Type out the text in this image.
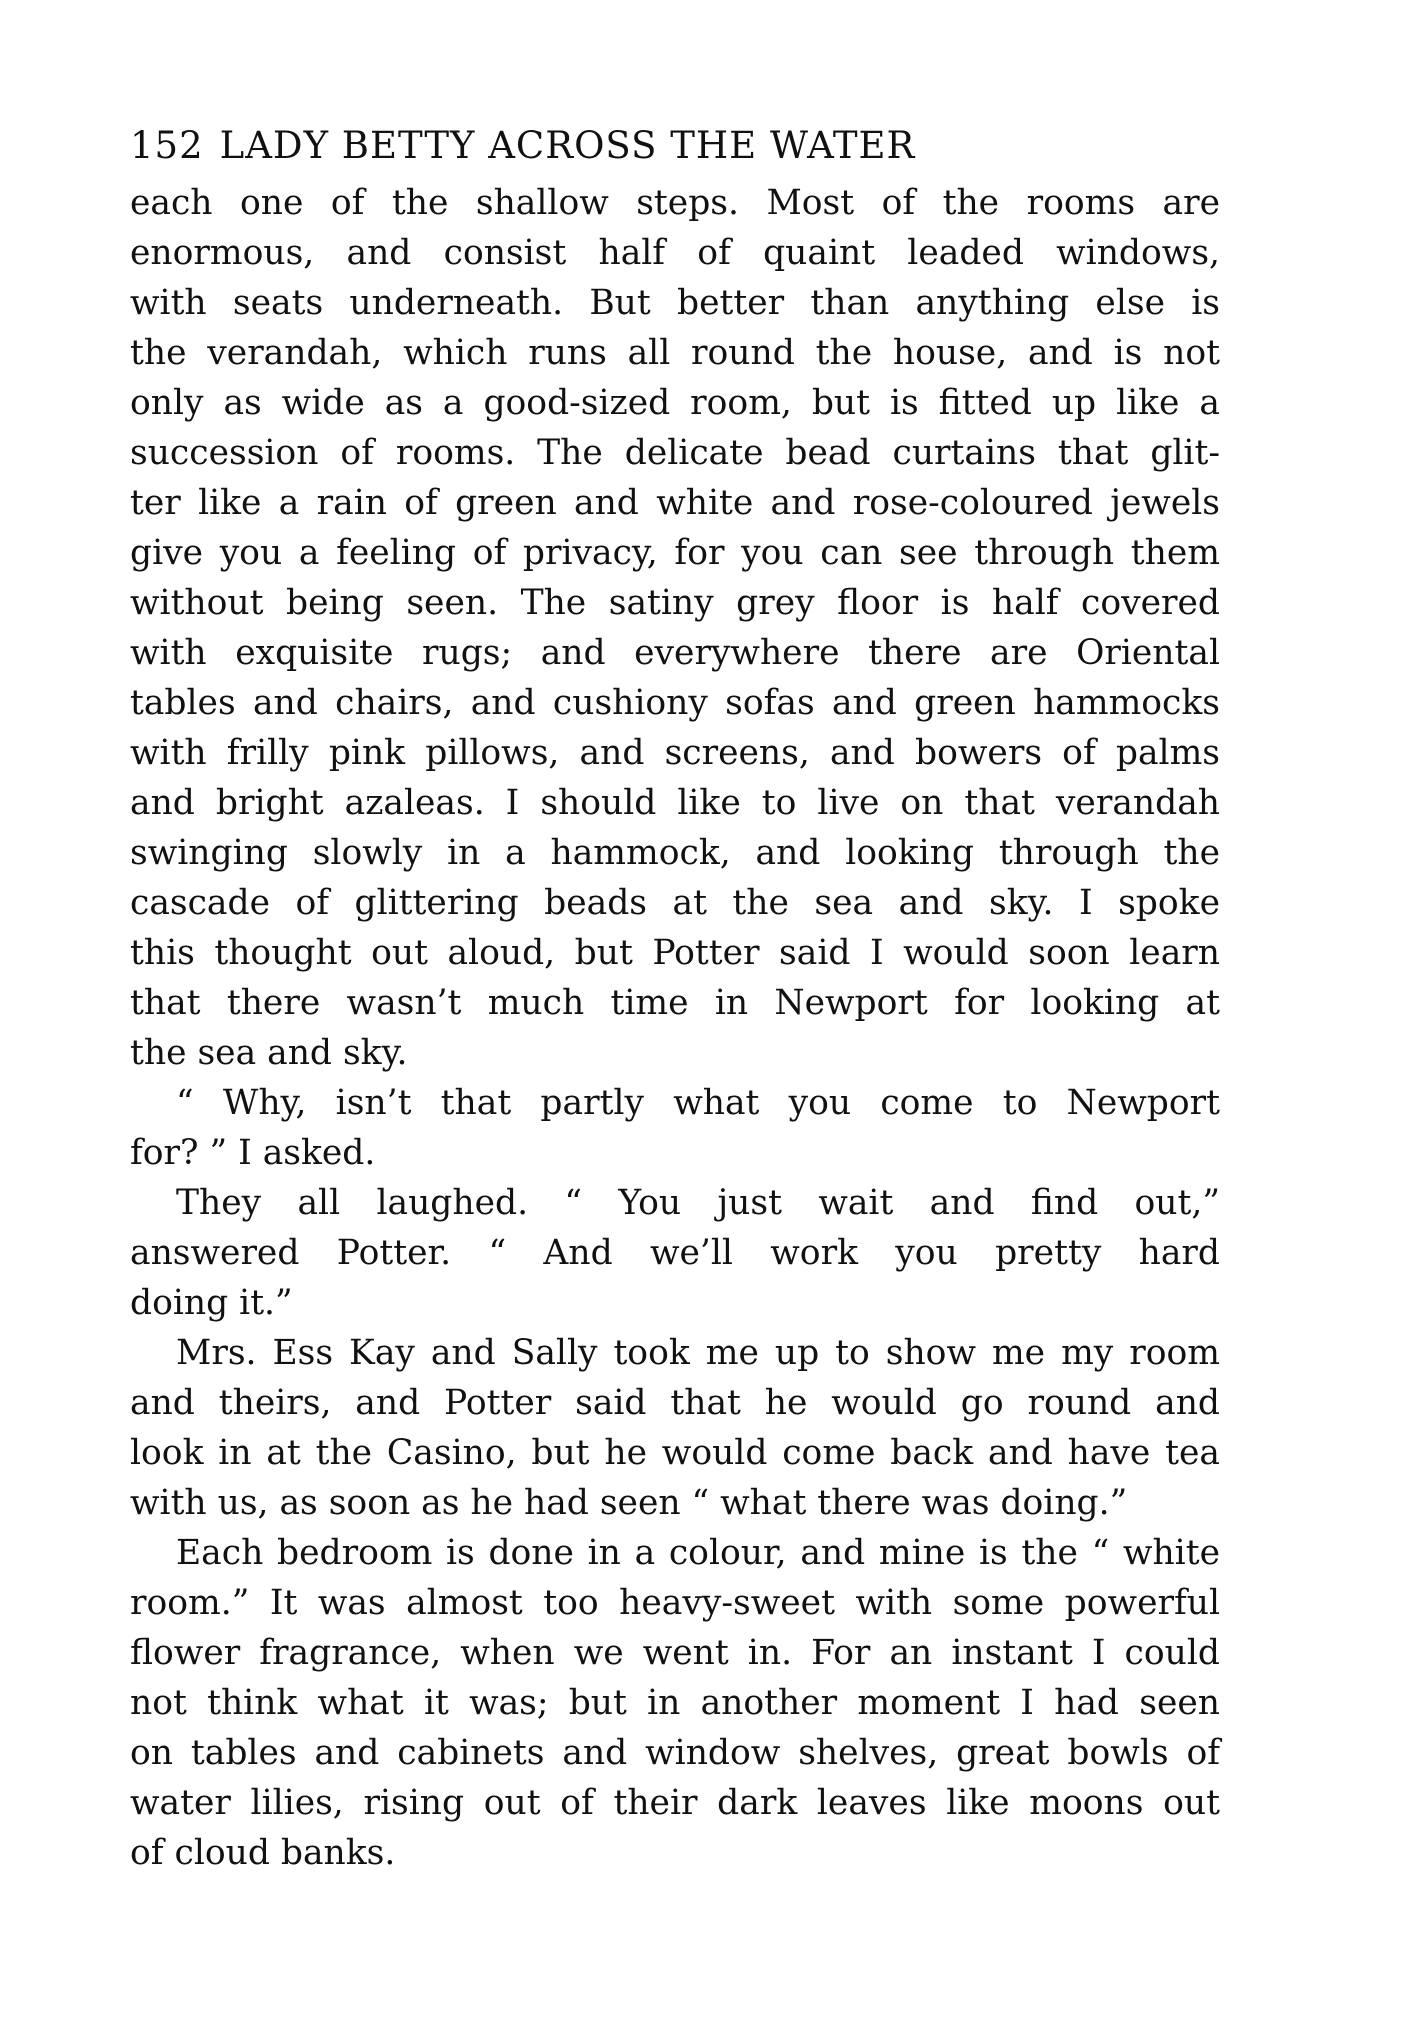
152 LADY BETTY ACROSS THE WATER
each one of the shallow steps. Most of the rooms are
enormous, and consist half of quaint leaded windows,
with seats underneath. But better than anything else is
the verandah, which runs all round the house, and is not
only as wide as a good-sized room, but is fitted up like a
succession of rooms. The delicate bead curtains that glit-
ter like a rain of green and white and rose-coloured jewels
give you a feeling of privacy, for you can see through them
without being seen. The satiny grey floor is half covered
with exquisite rugs; and everywhere there are Oriental
tables and chairs, and cushiony sofas and green hammocks
with frilly pink pillows, and screens, and bowers of palms
and bright azaleas. I should like to live on that verandah
swinging slowly in a hammock, and looking through the
cascade of glittering beads at the sea and sky. I spoke
this thought out aloud, but Potter said I would soon learn
that there wasn’t much time in Newport for looking at
the sea and sky.
“ Why, isn’t that partly what you come to Newport
for? ” I asked.
They all laughed. “ You just wait and find out,”
answered Potter. “ And we’ll work you pretty hard
doing it.”
Mrs. Ess Kay and Sally took me up to show me my room
and theirs, and Potter said that he would go round and
look in at the Casino, but he would come back and have tea
with us, as soon as he had seen “ what there was doing.”
Each bedroom is done in a colour, and mine is the “ white
room.” It was almost too heavy-sweet with some powerful
flower fragrance, when we went in. For an instant I could
not think what it was; but in another moment I had seen
on tables and cabinets and window shelves, great bowls of
water lilies, rising out of their dark leaves like moons out
of cloud banks.
